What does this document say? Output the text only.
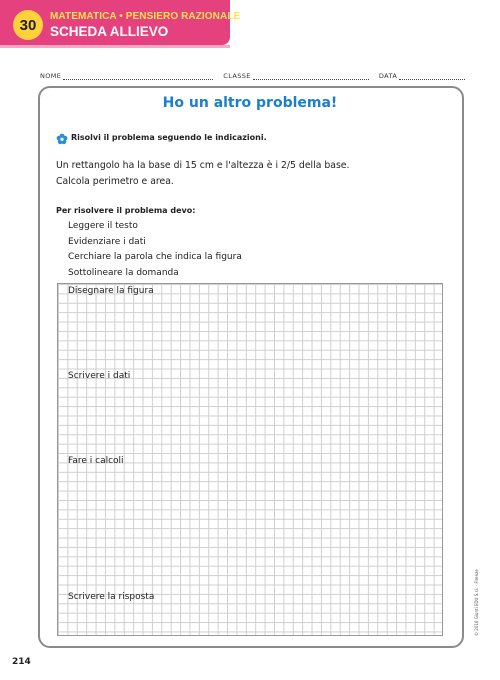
30	MATEMATICA • PENSIERO RAZIONALE
SCHEDA ALLIEVO
NOME	CLASSE	DATA
Ho un altro problema!
Risolvi il problema seguendo le indicazioni.
Un rettangolo ha la base di 15 cm e l'altezza è i 2/5 della base.
Calcola perimetro e area.
Per risolvere il problema devo:
Leggere il testo
Evidenziare i dati
Cerchiare la parola che indica la figura
Sottolineare la domanda
Disegnare la figura
Scrivere i dati
Fare i calcoli
Scrivere la risposta	© 2016 Giunti EDU S.r.l. - Firenze
214
